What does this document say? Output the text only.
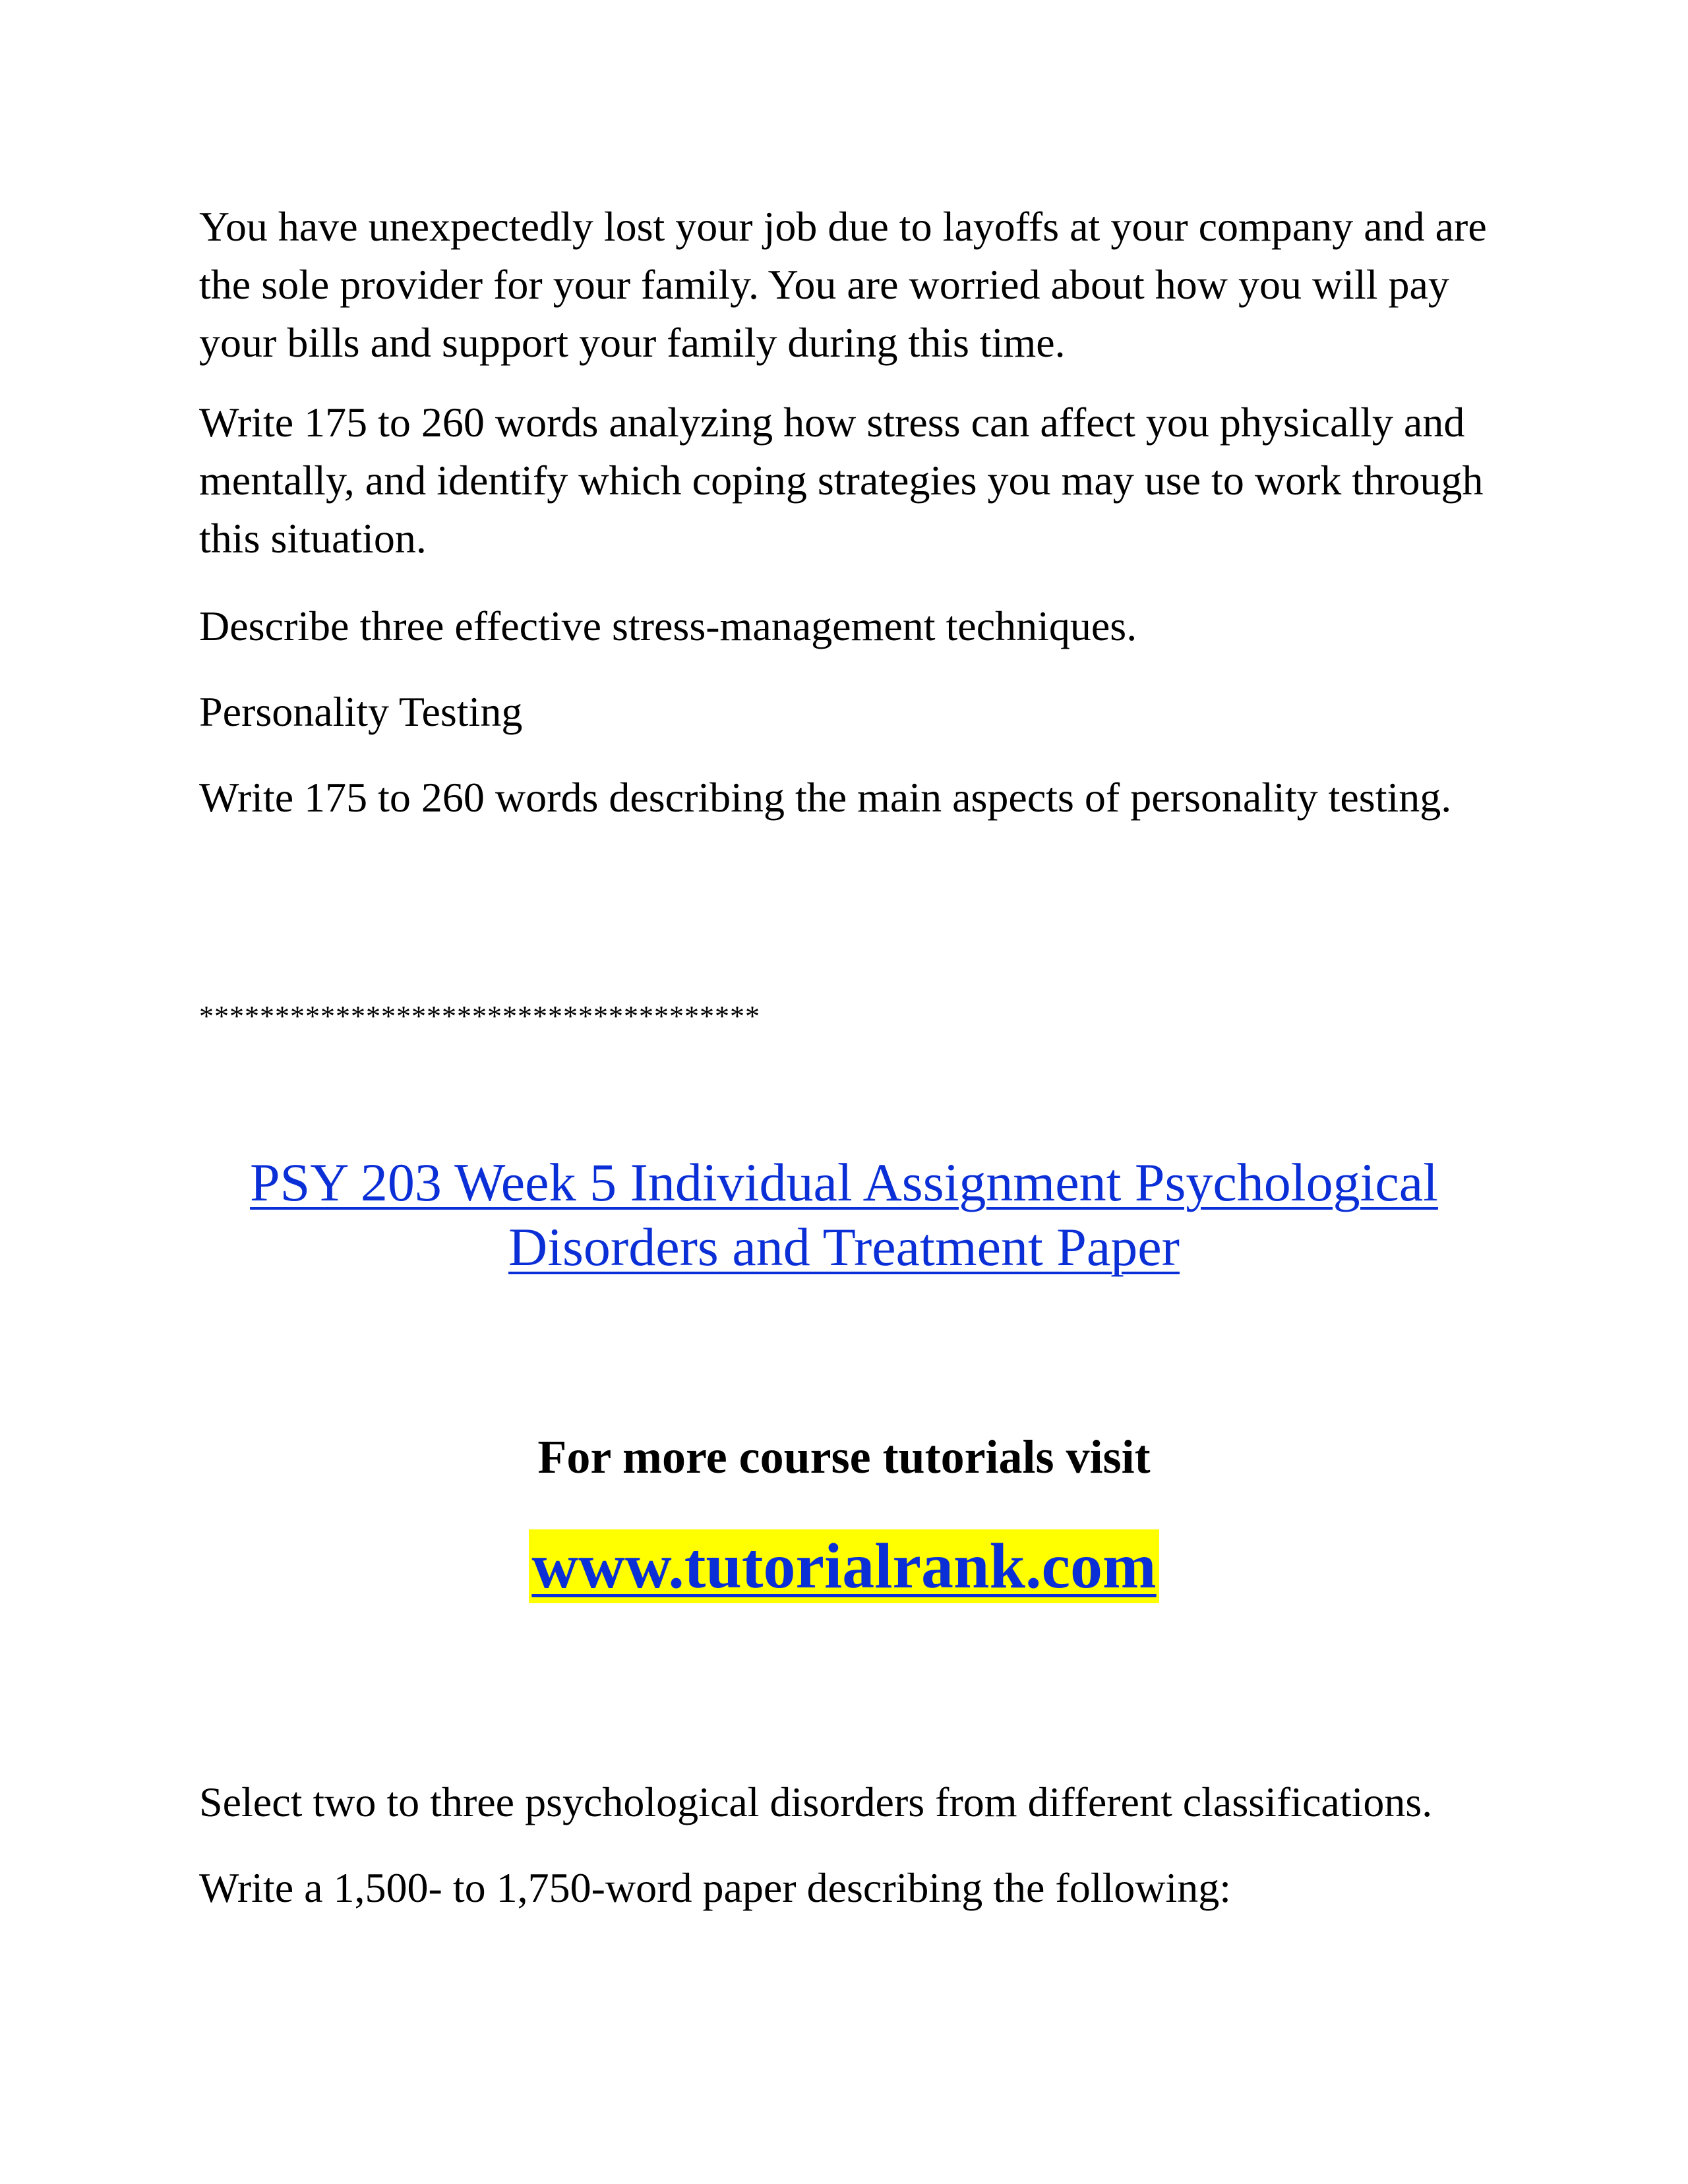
You have unexpectedly lost your job due to layoffs at your company and are the sole provider for your family. You are worried about how you will pay your bills and support your family during this time.

Write 175 to 260 words analyzing how stress can affect you physically and mentally, and identify which coping strategies you may use to work through this situation.

Describe three effective stress-management techniques.

Personality Testing

Write 175 to 260 words describing the main aspects of personality testing.

*************************************

PSY 203 Week 5 Individual Assignment Psychological Disorders and Treatment Paper

For more course tutorials visit

www.tutorialrank.com

Select two to three psychological disorders from different classifications.

Write a 1,500- to 1,750-word paper describing the following:
